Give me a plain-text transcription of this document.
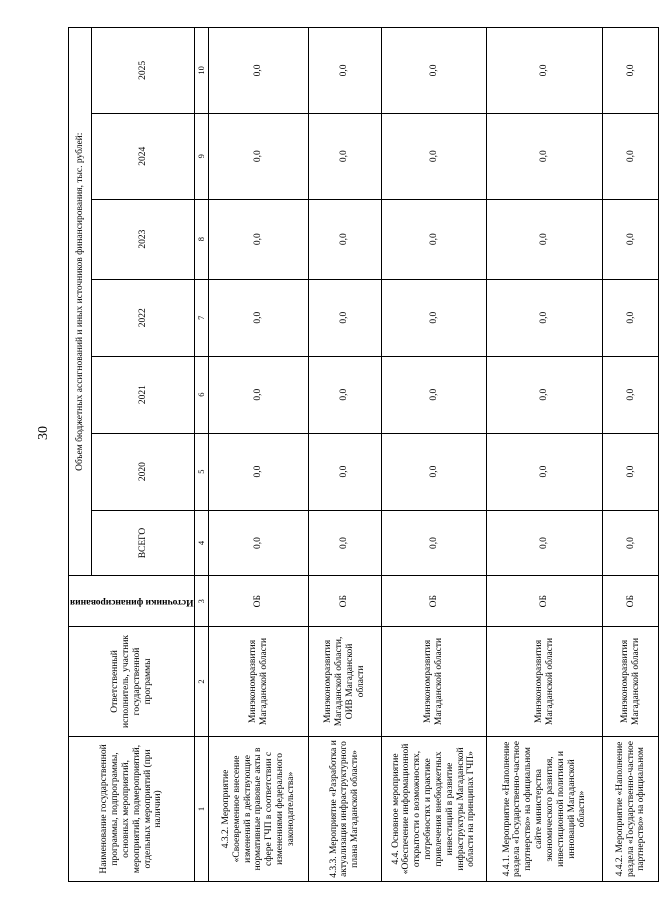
30
Наименование государственной программы, подпрограммы, основных мероприятий, мероприятий, подмероприятий, отдельных мероприятий (при наличии)	Ответственный исполнитель, участник государственной программы	Источники финансирования	Объем бюджетных ассигнований и иных источников финансирования, тыс. рублей:						
			ВСЕГО	2020	2021	2022	2023	2024	2025
1	2	3	4	5	6	7	8	9	10
4.3.2. Мероприятие «Своевременное внесение изменений в действующие нормативные правовые акты в сфере ГЧП в соответствии с изменениями федерального законодательства»	Минэкономразвития Магаданской области	ОБ	0,0	0,0	0,0	0,0	0,0	0,0	0,0
4.3.3. Мероприятие «Разработка и актуализация инфраструктурного плана Магаданской области»	Минэкономразвития Магаданской области, ОИВ Магаданской области	ОБ	0,0	0,0	0,0	0,0	0,0	0,0	0,0
4.4. Основное мероприятие «Обеспечение информационной открытости о возможностях, потребностях и практике привлечения внебюджетных инвестиций в развитие инфраструктуры Магаданской области на принципах ГЧП»	Минэкономразвития Магаданской области	ОБ	0,0	0,0	0,0	0,0	0,0	0,0	0,0
4.4.1. Мероприятие «Наполнение раздела «Государственно-частное партнерство» на официальном сайте министерства экономического развития, инвестиционной политики и инноваций Магаданской области»	Минэкономразвития Магаданской области	ОБ	0,0	0,0	0,0	0,0	0,0	0,0	0,0
4.4.2. Мероприятие «Наполнение раздела «Государственно-частное партнерство» на официальном	Минэкономразвития Магаданской области	ОБ	0,0	0,0	0,0	0,0	0,0	0,0	0,0
